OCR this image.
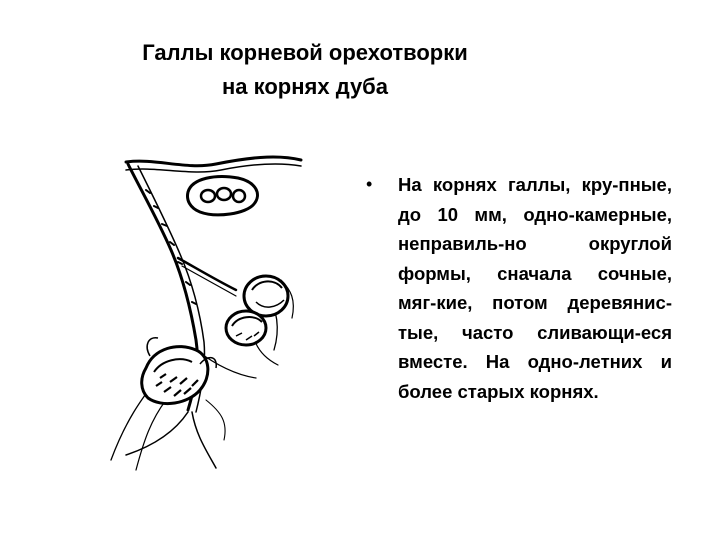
Галлы корневой орехотворки
на корнях дуба
• На корнях галлы, кру-пные, до 10 мм, одно-камерные, неправиль-но округлой формы, сначала сочные, мяг-кие, потом деревянис-тые, часто сливающи-еся вместе. На одно-летних и более старых корнях.
